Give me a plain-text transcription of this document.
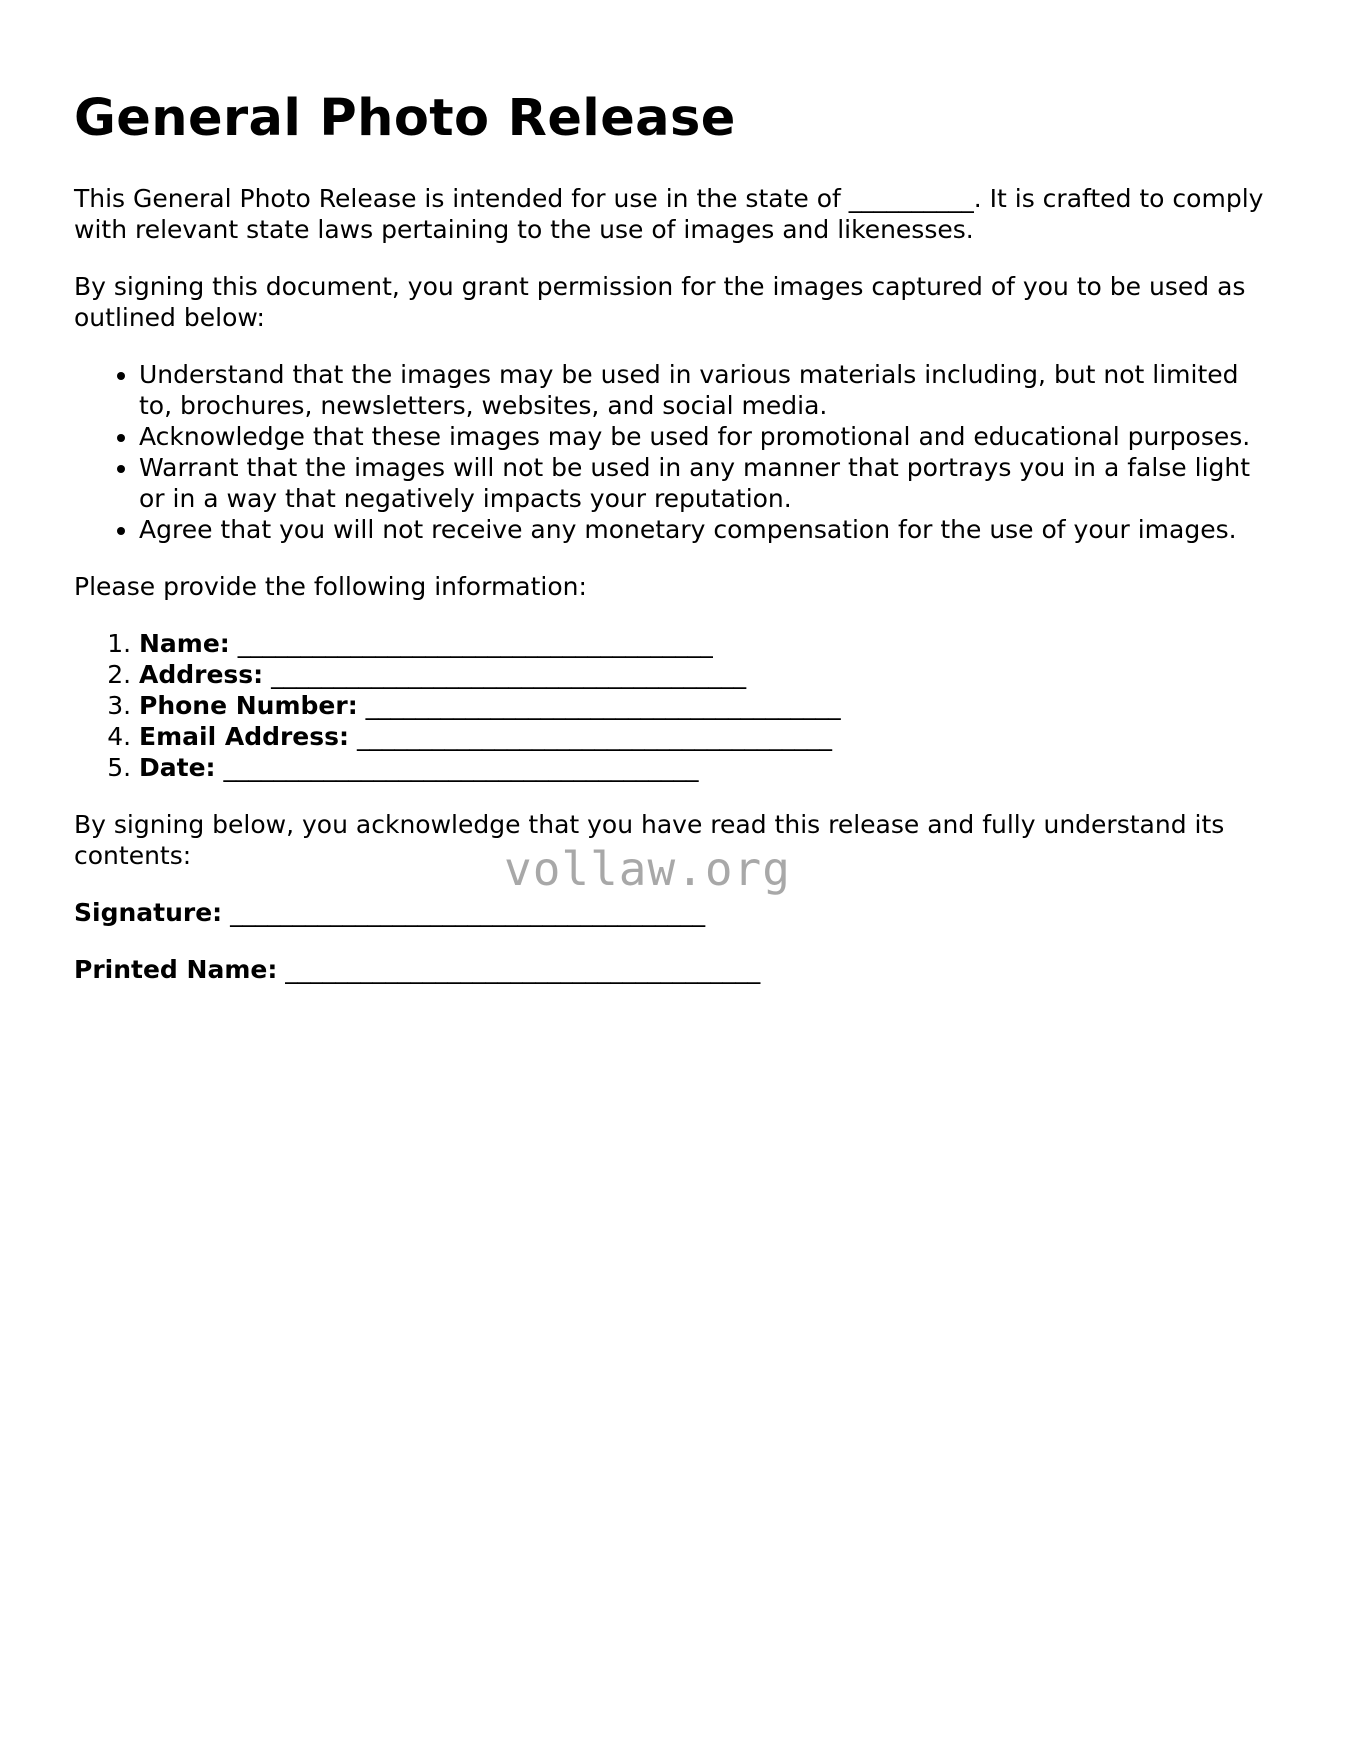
General Photo Release

This General Photo Release is intended for use in the state of __________. It is crafted to comply with relevant state laws pertaining to the use of images and likenesses.

By signing this document, you grant permission for the images captured of you to be used as outlined below:

• Understand that the images may be used in various materials including, but not limited to, brochures, newsletters, websites, and social media.
• Acknowledge that these images may be used for promotional and educational purposes.
• Warrant that the images will not be used in any manner that portrays you in a false light or in a way that negatively impacts your reputation.
• Agree that you will not receive any monetary compensation for the use of your images.

Please provide the following information:

1. Name: ______________________________________
2. Address: ______________________________________
3. Phone Number: ______________________________________
4. Email Address: ______________________________________
5. Date: ______________________________________

By signing below, you acknowledge that you have read this release and fully understand its contents:

Signature: ______________________________________
Printed Name: ______________________________________
vollaw.org
